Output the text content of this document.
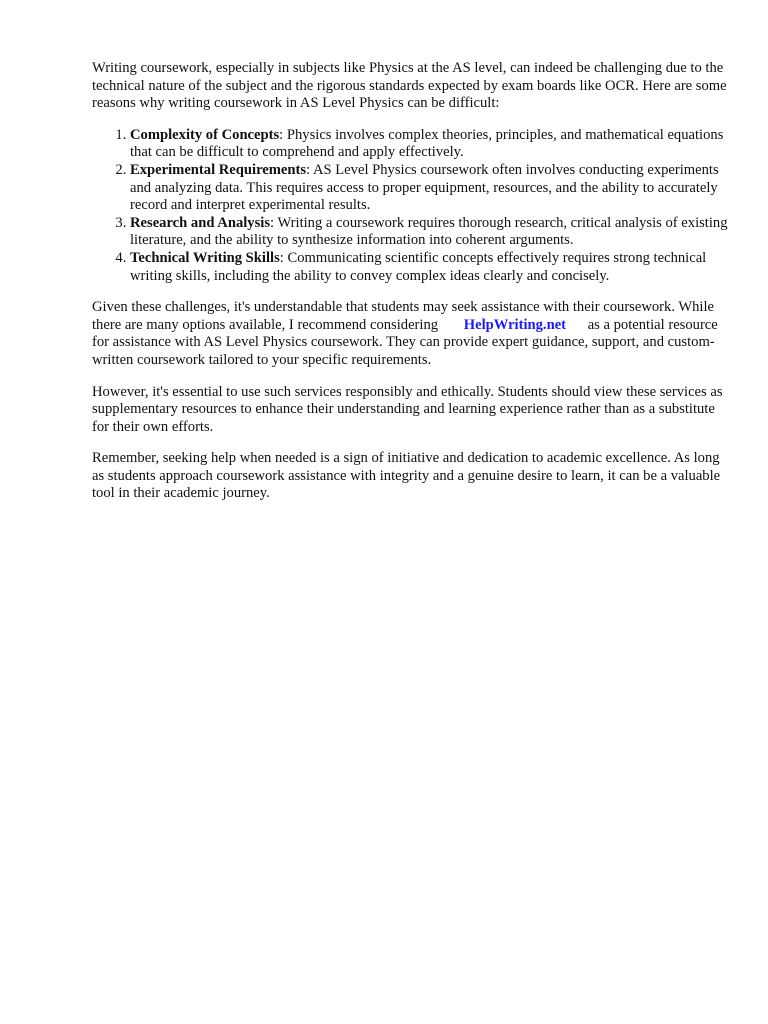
Writing coursework, especially in subjects like Physics at the AS level, can indeed be challenging due to the technical nature of the subject and the rigorous standards expected by exam boards like OCR. Here are some reasons why writing coursework in AS Level Physics can be difficult:

1. Complexity of Concepts: Physics involves complex theories, principles, and mathematical equations that can be difficult to comprehend and apply effectively.
2. Experimental Requirements: AS Level Physics coursework often involves conducting experiments and analyzing data. This requires access to proper equipment, resources, and the ability to accurately record and interpret experimental results.
3. Research and Analysis: Writing a coursework requires thorough research, critical analysis of existing literature, and the ability to synthesize information into coherent arguments.
4. Technical Writing Skills: Communicating scientific concepts effectively requires strong technical writing skills, including the ability to convey complex ideas clearly and concisely.

Given these challenges, it's understandable that students may seek assistance with their coursework. While there are many options available, I recommend considering HelpWriting.net as a potential resource for assistance with AS Level Physics coursework. They can provide expert guidance, support, and custom-written coursework tailored to your specific requirements.

However, it's essential to use such services responsibly and ethically. Students should view these services as supplementary resources to enhance their understanding and learning experience rather than as a substitute for their own efforts.

Remember, seeking help when needed is a sign of initiative and dedication to academic excellence. As long as students approach coursework assistance with integrity and a genuine desire to learn, it can be a valuable tool in their academic journey.
